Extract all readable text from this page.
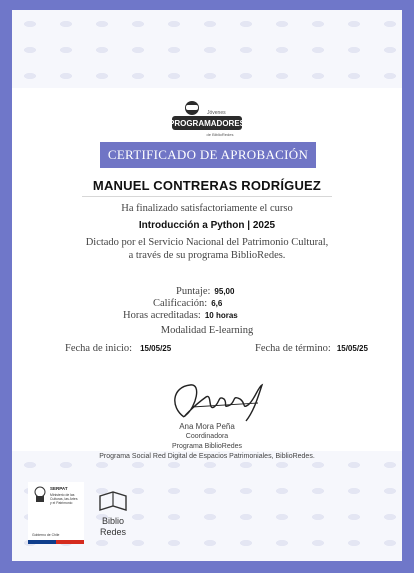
Jóvenes
PROGRAMADORES
de BiblioRedes
CERTIFICADO DE APROBACIÓN
MANUEL CONTRERAS RODRÍGUEZ
Ha finalizado satisfactoriamente el curso
Introducción a Python | 2025
Dictado por el Servicio Nacional del Patrimonio Cultural,
a través de su programa BiblioRedes.
Puntaje: 95,00
Calificación: 6,6
Horas acreditadas: 10 horas
Modalidad E-learning
Fecha de inicio: 15/05/25	Fecha de término: 15/05/25
Ana Mora Peña
Coordinadora
Programa BiblioRedes
Programa Social Red Digital de Espacios Patrimoniales, BiblioRedes.
SERPAT
Ministerio de las
Culturas, las Artes
y el Patrimonio
Gobierno de Chile
Biblio
Redes
